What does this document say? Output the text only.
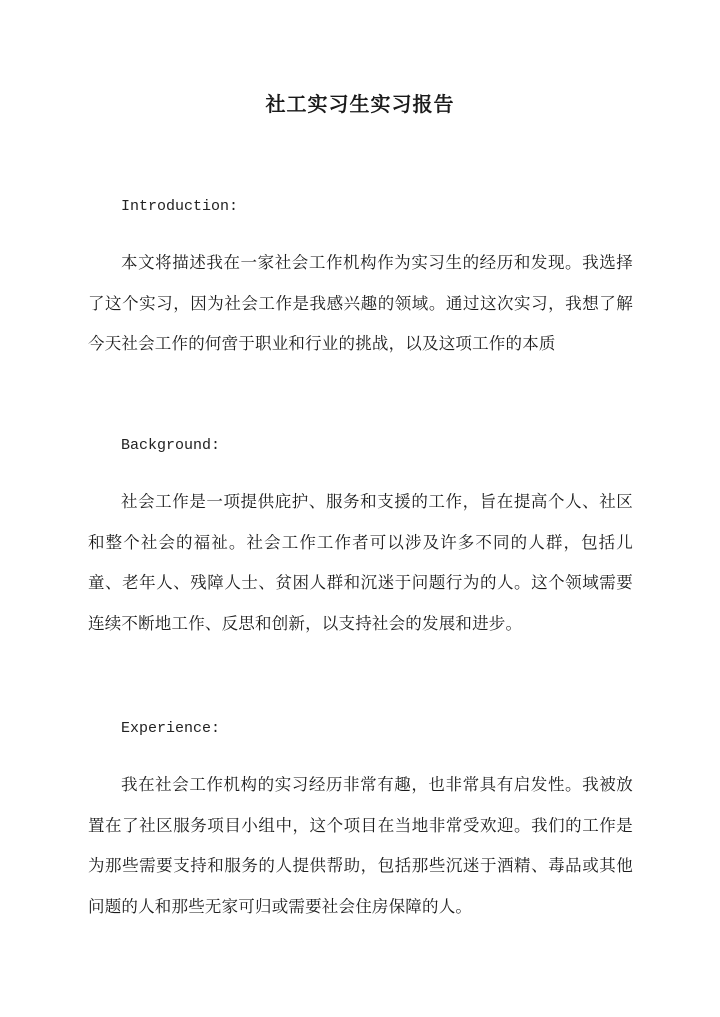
社工实习生实习报告
Introduction:
本文将描述我在一家社会工作机构作为实习生的经历和发现。我选择了这个实习，因为社会工作是我感兴趣的领域。通过这次实习，我想了解今天社会工作的何啻于职业和行业的挑战，以及这项工作的本质
Background:
社会工作是一项提供庇护、服务和支援的工作，旨在提高个人、社区和整个社会的福祉。社会工作工作者可以涉及许多不同的人群，包括儿童、老年人、残障人士、贫困人群和沉迷于问题行为的人。这个领域需要连续不断地工作、反思和创新，以支持社会的发展和进步。
Experience:
我在社会工作机构的实习经历非常有趣，也非常具有启发性。我被放置在了社区服务项目小组中，这个项目在当地非常受欢迎。我们的工作是为那些需要支持和服务的人提供帮助，包括那些沉迷于酒精、毒品或其他问题的人和那些无家可归或需要社会住房保障的人。
